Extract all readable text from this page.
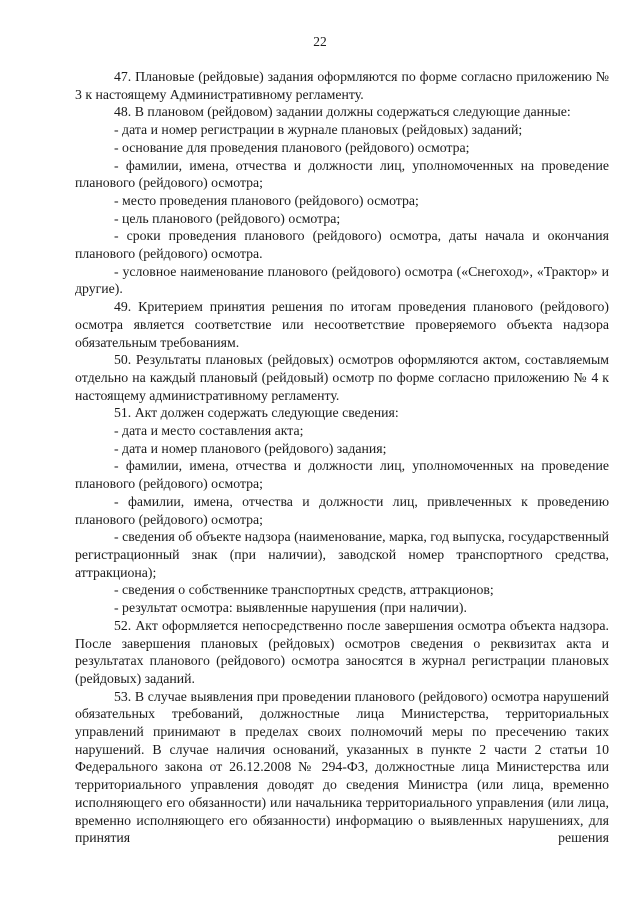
22

47. Плановые (рейдовые) задания оформляются по форме согласно приложению № 3 к настоящему Административному регламенту.

48. В плановом (рейдовом) задании должны содержаться следующие данные:

- дата и номер регистрации в журнале плановых (рейдовых) заданий;

- основание для проведения планового (рейдового) осмотра;

- фамилии, имена, отчества и должности лиц, уполномоченных на проведение планового (рейдового) осмотра;

- место проведения планового (рейдового) осмотра;

- цель планового (рейдового) осмотра;

- сроки проведения планового (рейдового) осмотра, даты начала и окончания планового (рейдового) осмотра.

- условное наименование планового (рейдового) осмотра («Снегоход», «Трактор» и другие).

49. Критерием принятия решения по итогам проведения планового (рейдового) осмотра является соответствие или несоответствие проверяемого объекта надзора обязательным требованиям.

50. Результаты плановых (рейдовых) осмотров оформляются актом, составляемым отдельно на каждый плановый (рейдовый) осмотр по форме согласно приложению № 4 к настоящему административному регламенту.

51. Акт должен содержать следующие сведения:

- дата и место составления акта;

- дата и номер планового (рейдового) задания;

- фамилии, имена, отчества и должности лиц, уполномоченных на проведение планового (рейдового) осмотра;

- фамилии, имена, отчества и должности лиц, привлеченных к проведению планового (рейдового) осмотра;

- сведения об объекте надзора (наименование, марка, год выпуска, государственный регистрационный знак (при наличии), заводской номер транспортного средства, аттракциона);

- сведения о собственнике транспортных средств, аттракционов;

- результат осмотра: выявленные нарушения (при наличии).

52. Акт оформляется непосредственно после завершения осмотра объекта надзора. После завершения плановых (рейдовых) осмотров сведения о реквизитах акта и результатах планового (рейдового) осмотра заносятся в журнал регистрации плановых (рейдовых) заданий.

53. В случае выявления при проведении планового (рейдового) осмотра нарушений обязательных требований, должностные лица Министерства, территориальных управлений принимают в пределах своих полномочий меры по пресечению таких нарушений. В случае наличия оснований, указанных в пункте 2 части 2 статьи 10 Федерального закона от 26.12.2008 № 294-ФЗ, должностные лица Министерства или территориального управления доводят до сведения Министра (или лица, временно исполняющего его обязанности) или начальника территориального управления (или лица, временно исполняющего его обязанности) информацию о выявленных нарушениях, для принятия решения
